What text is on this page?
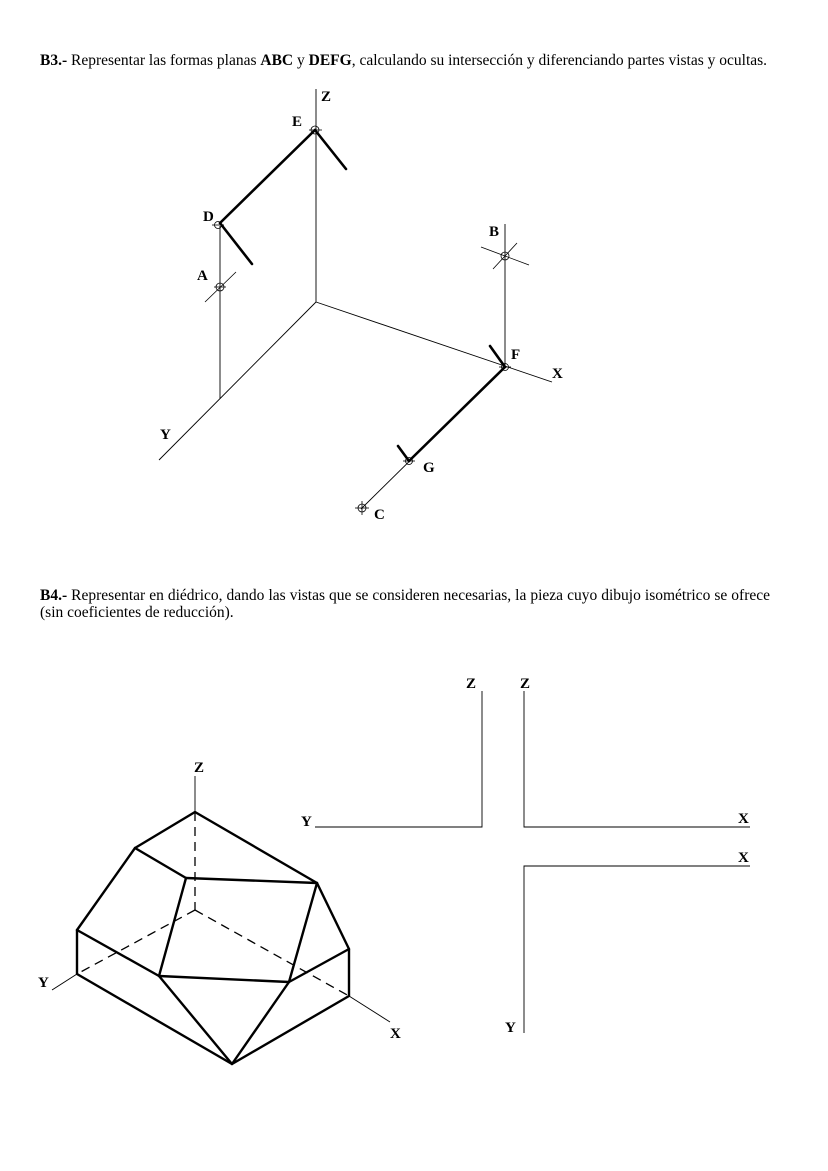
B3.- Representar las formas planas ABC y DEFG, calculando su intersección y diferenciando partes vistas y ocultas.

B4.- Representar en diédrico, dando las vistas que se consideren necesarias, la pieza cuyo dibujo isométrico se ofrece (sin coeficientes de reducción).

Z
X
Y
E
D
A
B
F
G
C
Z
Y
X
Z	Z
Y	X
X
Y
